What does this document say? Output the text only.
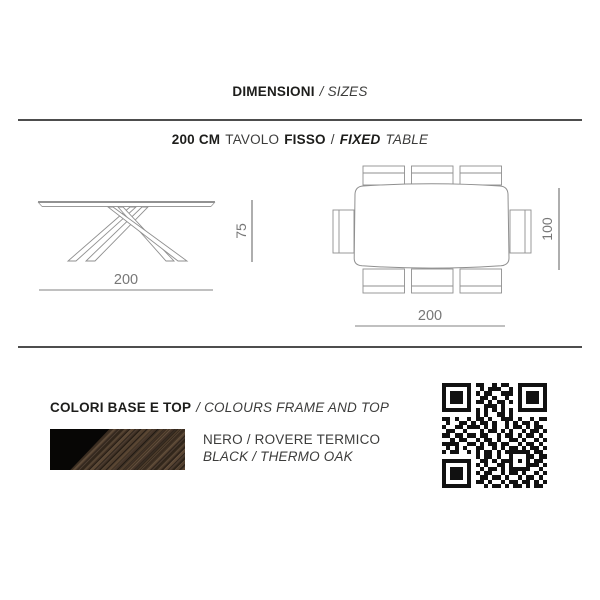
DIMENSIONI / SIZES
200 CM TAVOLO FISSO / FIXED TABLE
75
200
100
200
COLORI BASE E TOP / COLOURS FRAME AND TOP
NERO / ROVERE TERMICO
BLACK / THERMO OAK
